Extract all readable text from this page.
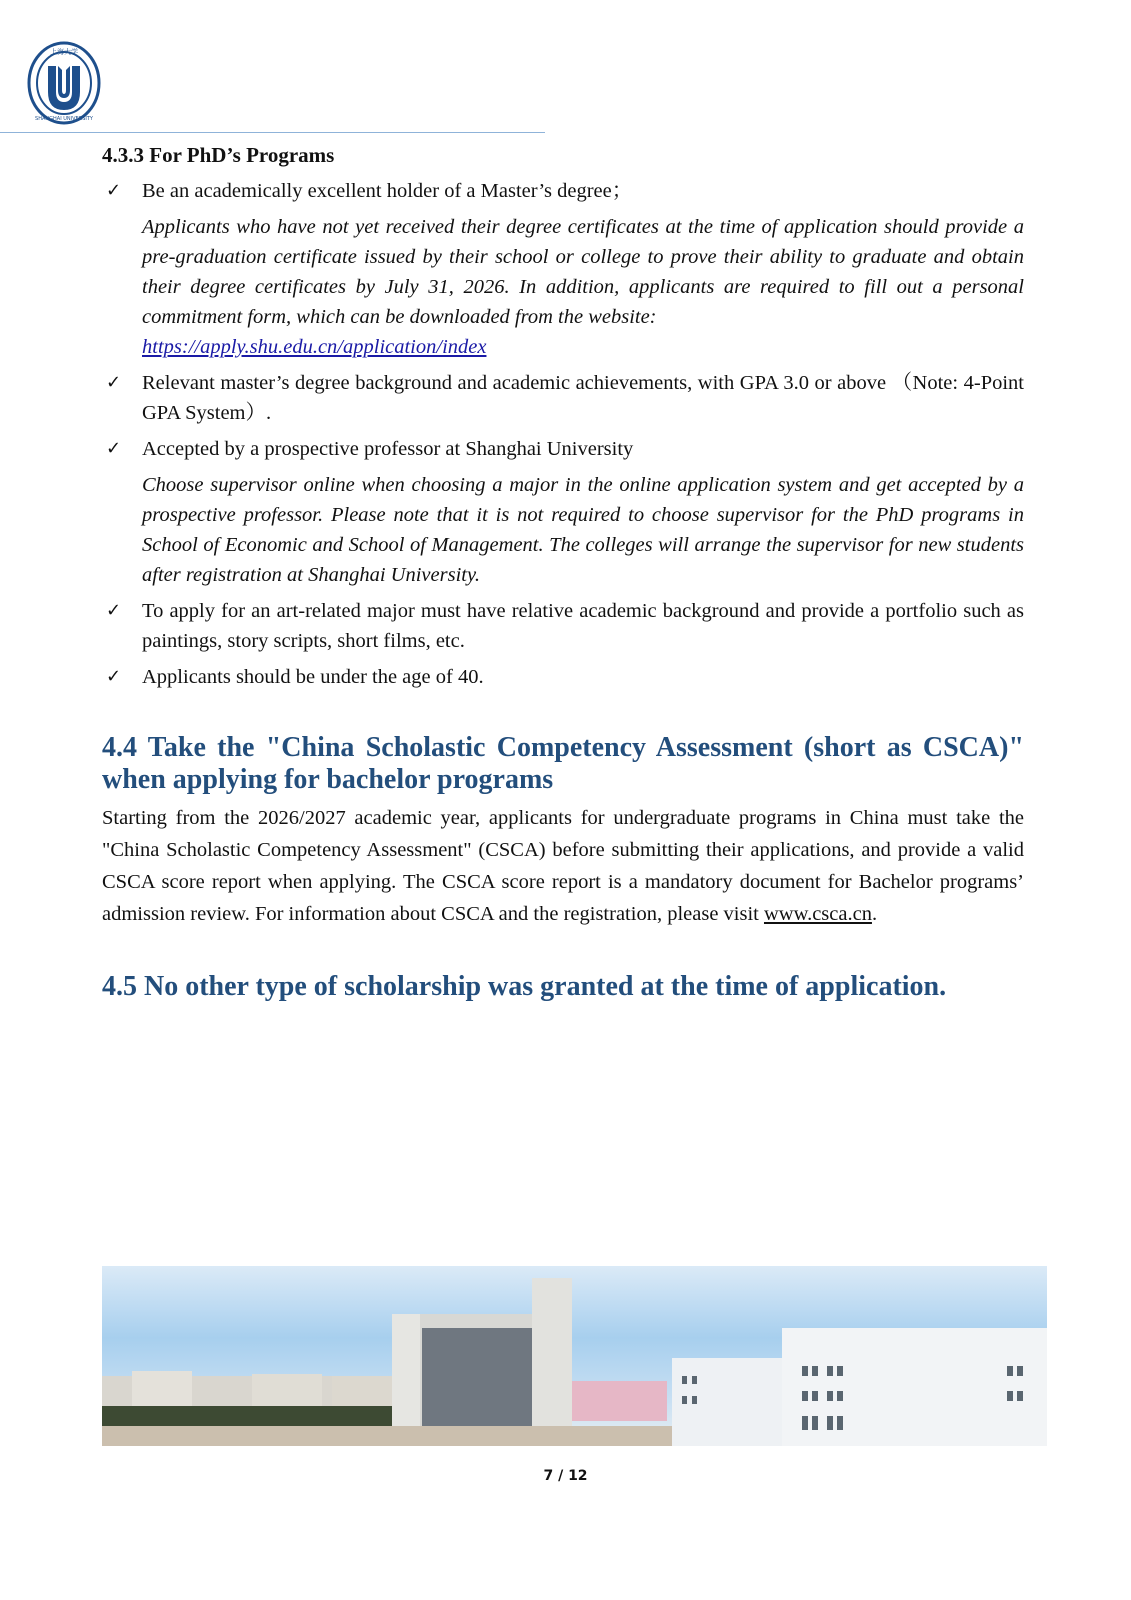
上海大学
SHANGHAI UNIVERSITY
4.3.3 For PhD’s Programs
✓ Be an academically excellent holder of a Master’s degree；
Applicants who have not yet received their degree certificates at the time of application should provide a pre-graduation certificate issued by their school or college to prove their ability to graduate and obtain their degree certificates by July 31, 2026. In addition, applicants are required to fill out a personal commitment form, which can be downloaded from the website:
https://apply.shu.edu.cn/application/index
✓ Relevant master’s degree background and academic achievements, with GPA 3.0 or above （Note: 4-Point GPA System）.
✓ Accepted by a prospective professor at Shanghai University
Choose supervisor online when choosing a major in the online application system and get accepted by a prospective professor. Please note that it is not required to choose supervisor for the PhD programs in School of Economic and School of Management. The colleges will arrange the supervisor for new students after registration at Shanghai University.
✓ To apply for an art-related major must have relative academic background and provide a portfolio such as paintings, story scripts, short films, etc.
✓ Applicants should be under the age of 40.
4.4 Take the "China Scholastic Competency Assessment (short as CSCA)" when applying for bachelor programs

Starting from the 2026/2027 academic year, applicants for undergraduate programs in China must take the "China Scholastic Competency Assessment" (CSCA) before submitting their applications, and provide a valid CSCA score report when applying. The CSCA score report is a mandatory document for Bachelor programs’ admission review. For information about CSCA and the registration, please visit www.csca.cn.

4.5 No other type of scholarship was granted at the time of application.
7 / 12
